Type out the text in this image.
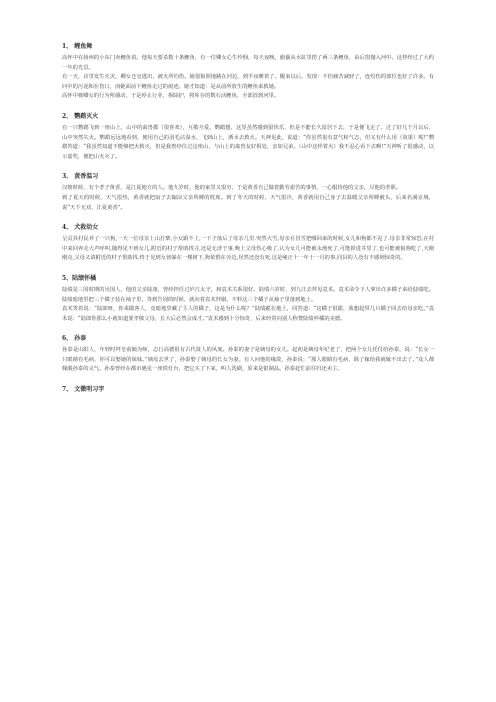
1、 鲤鱼舞

高怀中在扬州的小东门卖鲤鱼苗。他每天要杀数十条鲤鱼，有一位卿女心生怜悯，每天夜晚，偷偷从水缸里捞了两三条鲤鱼，由后窗抛入河中。这样经过了大约一年的光景。

有一天，店里发生火灾，卿女仓皇逃出，被火所灼伤。她很狼狈地跳在河边，到半夜睡着了。醒来以后，发现：不但痛苦减轻了，连灼伤的部位也好了许多。有问中的污泥和在伤口，而她面前下鲤鱼走过的痕迹。她才知道：是从前所放生的鲤鱼来救她。

高怀中被卿女的行为所感动，于是停止行业，拆除护，将库存的数石活鲤鱼，全部放到河里。

2、 鹦鹉灭火

有一只鹦鹉飞到一座山上，山中的禽兽都（很喜欢），互敬互爱。鹦鹉想，这里虽然感到很快乐，但是不能长久留居下去，于是便飞走了。过了好几个月以后，山中突然失火。鹦鹉远远地看到，便用自己的羽毛沾湿水，飞到山上，洒水去救火。天神见此，说道：“你虽然很有意气和气志，但又有什么用（效果）呢!”鹦鹉答道：“我虽然知道不能够把火救灭，但是我曾经住过这座山，与山上的禽兽友好相处，亲如兄弟。（山中这样着火）我不忍心看下去啊!”天神听了很感动，以示嘉奖，便把山火灭了。

3、 黄香温习

汉朝时候，有个孝子黄香，是江夏地方的人。他九岁时，他的家里又很穷，于是黄香自己做着勤劳艰苦的事情，一心服侍他的父亲，尽他的孝职。

到了夏天的时候，天气很热，黄香就把扇子去搧凉父亲所睡的枕席。到了冬天的时候，天气很冷，黄香就用自己身子去温暖父亲所睡被头，后来名满京城，说“天下无双，江夏黄香”。

4、 犬救幼女

呈贡县村民养了一只狗,一天一位母亲上山打柴,小女跟不上,一下子落后了母亲几里.突然大雪,母亲在冒雪把哪回来的时候,女儿和狗都不见了.母亲非常惊恐,在村中来回奔走大声呼叫,随得见不到女儿,附近的村子帮助找寻,还是无济于事,晚上父母伤心极了,认为女儿可能被永淹死了,可能掉进井里了,也可能被狼狗吃了,天刚刚亮,父母又请附近的村子帮助找.终于见到女孩躲在一棵树下,狗依偎在旁边,居然还没有死.这是雍正十一年十一月的事,同县的人没有不感到惊奇的。

5、陆绩怀橘

陆绩是三国时期的吴国人，他的父亲陆康，曾经担任过庐江太守，和袁术关系很好。陆绩六岁时，到九江去拜见袁术。袁术命令下人拿出许多橘子来给陆绩吃。陆绩暗地里把三个橘子装在袖子里，等到告别的时候，就向着袁术拜谢。不料这三个橘子从袖子里落到地上。

袁术笑着说：“陆郎呀，你来做客人，竟暗地里藏了主人的橘子，这是为什么呢？”陆绩跪在地上，回答道：“这橘子很甜，我想起带几只橘子回去给母亲吃。”袁术说：“陆郎你那么小就知道要孝敬父母，长大后必然会成才。”袁术感到十分惊奇，后来经常向别人称赞陆绩怀橘的美德。

6、 孙泰

孙泰是山阳人，年轻时拜皇甫颖为师，志行高德很有古代贤人的风度。孙泰的妻子是姨母的女儿。起初是姨母年纪老了，把两个女儿托付给孙泰，说：“长女一只眼睛有毛病，你可以娶她的妹妹。”姨母去世了，孙泰娶了姨母的长女为妻。有人问他的缘故，孙泰说：“那人眼睛有毛病，除了嫁给我就嫁不出去了。”众人都佩服孙泰的义气。孙泰曾经在都市遇见一座铁灯台，把它买了下来，叫人洗刷，原来是银制品。孙泰赶忙前往归还卖主。

7、 文徵明习字
